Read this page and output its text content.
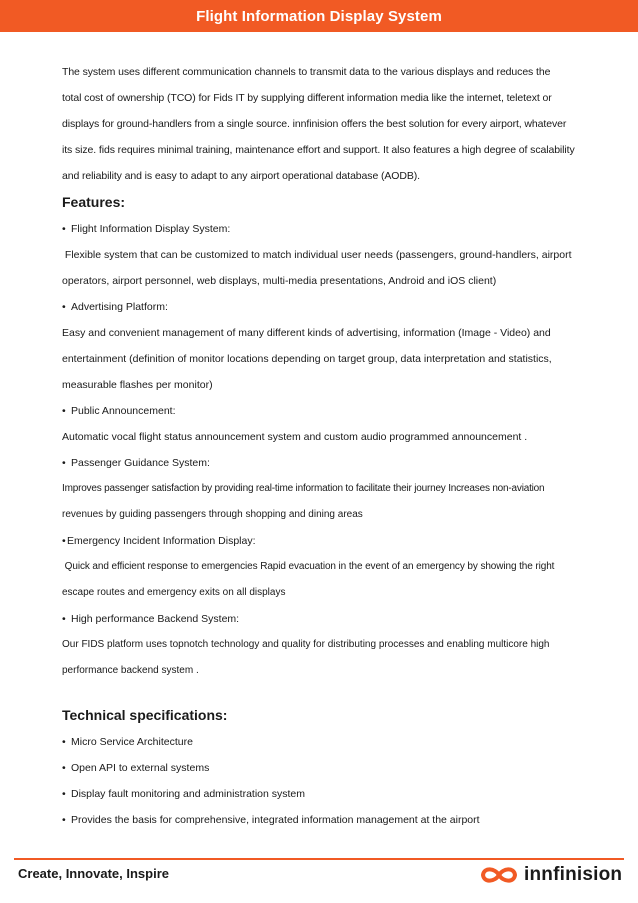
Flight Information Display System

The system uses different communication channels to transmit data to the various displays and reduces the

total cost of ownership (TCO) for Fids IT by supplying different information media like the internet, teletext or

displays for ground-handlers from a single source. innfinision offers the best solution for every airport, whatever

its size. fids requires minimal training, maintenance effort and support. It also features a high degree of scalability

and reliability and is easy to adapt to any airport operational database (AODB).

Features:

• Flight Information Display System:

Flexible system that can be customized to match individual user needs (passengers, ground-handlers, airport

operators, airport personnel, web displays, multi-media presentations, Android and iOS client)

• Advertising Platform:

Easy and convenient management of many different kinds of advertising, information (Image - Video) and

entertainment (definition of monitor locations depending on target group, data interpretation and statistics,

measurable flashes per monitor)

• Public Announcement:

Automatic vocal flight status announcement system and custom audio programmed announcement .

• Passenger Guidance System:

Improves passenger satisfaction by providing real-time information to facilitate their journey Increases non-aviation

revenues by guiding passengers through shopping and dining areas

•Emergency Incident Information Display:

Quick and efficient response to emergencies Rapid evacuation in the event of an emergency by showing the right

escape routes and emergency exits on all displays

• High performance Backend System:

Our FIDS platform uses topnotch technology and quality for distributing processes and enabling multicore high

performance backend system .

Technical specifications:
• Micro Service Architecture
• Open API to external systems
• Display fault monitoring and administration system
• Provides the basis for comprehensive, integrated information management at the airport
Create, Innovate, Inspire	innfinision
